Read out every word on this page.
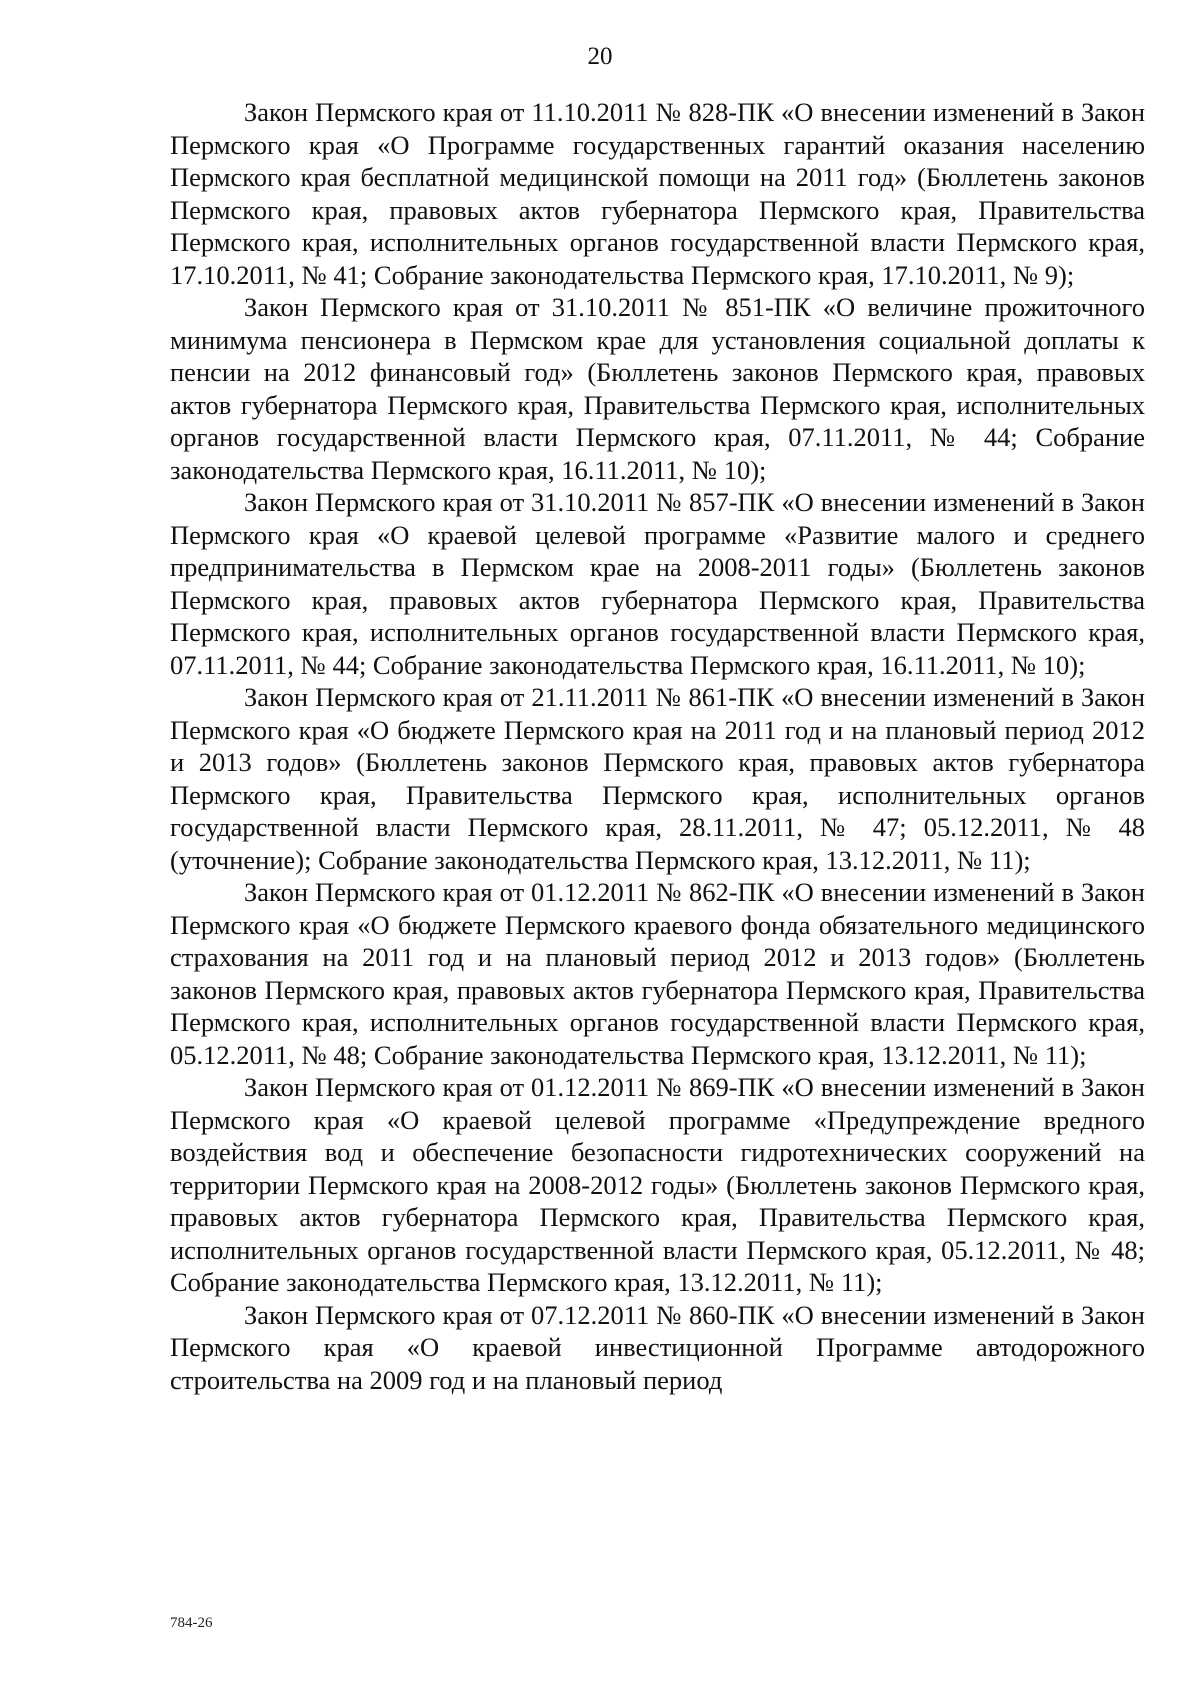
20

Закон Пермского края от 11.10.2011 № 828-ПК «О внесении изменений в Закон Пермского края «О Программе государственных гарантий оказания населению Пермского края бесплатной медицинской помощи на 2011 год» (Бюллетень законов Пермского края, правовых актов губернатора Пермского края, Правительства Пермского края, исполнительных органов государственной власти Пермского края, 17.10.2011, № 41; Собрание законодательства Пермского края, 17.10.2011, № 9);

Закон Пермского края от 31.10.2011 № 851-ПК «О величине прожиточного минимума пенсионера в Пермском крае для установления социальной доплаты к пенсии на 2012 финансовый год» (Бюллетень законов Пермского края, правовых актов губернатора Пермского края, Правительства Пермского края, исполнительных органов государственной власти Пермского края, 07.11.2011, № 44; Собрание законодательства Пермского края, 16.11.2011, № 10);

Закон Пермского края от 31.10.2011 № 857-ПК «О внесении изменений в Закон Пермского края «О краевой целевой программе «Развитие малого и среднего предпринимательства в Пермском крае на 2008-2011 годы» (Бюллетень законов Пермского края, правовых актов губернатора Пермского края, Правительства Пермского края, исполнительных органов государственной власти Пермского края, 07.11.2011, № 44; Собрание законодательства Пермского края, 16.11.2011, № 10);

Закон Пермского края от 21.11.2011 № 861-ПК «О внесении изменений в Закон Пермского края «О бюджете Пермского края на 2011 год и на плановый период 2012 и 2013 годов» (Бюллетень законов Пермского края, правовых актов губернатора Пермского края, Правительства Пермского края, исполнительных органов государственной власти Пермского края, 28.11.2011, № 47; 05.12.2011, № 48 (уточнение); Собрание законодательства Пермского края, 13.12.2011, № 11);

Закон Пермского края от 01.12.2011 № 862-ПК «О внесении изменений в Закон Пермского края «О бюджете Пермского краевого фонда обязательного медицинского страхования на 2011 год и на плановый период 2012 и 2013 годов» (Бюллетень законов Пермского края, правовых актов губернатора Пермского края, Правительства Пермского края, исполнительных органов государственной власти Пермского края, 05.12.2011, № 48; Собрание законодательства Пермского края, 13.12.2011, № 11);

Закон Пермского края от 01.12.2011 № 869-ПК «О внесении изменений в Закон Пермского края «О краевой целевой программе «Предупреждение вредного воздействия вод и обеспечение безопасности гидротехнических сооружений на территории Пермского края на 2008-2012 годы» (Бюллетень законов Пермского края, правовых актов губернатора Пермского края, Правительства Пермского края, исполнительных органов государственной власти Пермского края, 05.12.2011, № 48; Собрание законодательства Пермского края, 13.12.2011, № 11);

Закон Пермского края от 07.12.2011 № 860-ПК «О внесении изменений в Закон Пермского края «О краевой инвестиционной Программе автодорожного строительства на 2009 год и на плановый период

784-26
